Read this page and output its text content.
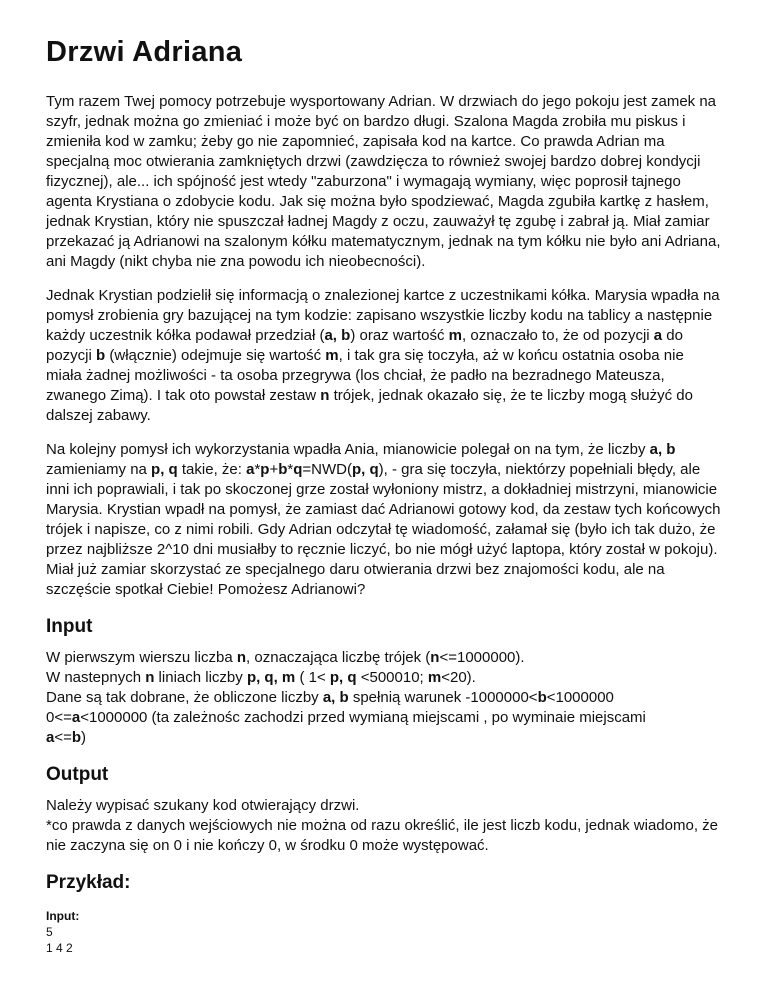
Drzwi Adriana

Tym razem Twej pomocy potrzebuje wysportowany Adrian. W drzwiach do jego pokoju jest zamek na szyfr, jednak można go zmieniać i może być on bardzo długi. Szalona Magda zrobiła mu piskus i zmieniła kod w zamku; żeby go nie zapomnieć, zapisała kod na kartce. Co prawda Adrian ma specjalną moc otwierania zamkniętych drzwi (zawdzięcza to również swojej bardzo dobrej kondycji fizycznej), ale... ich spójność jest wtedy "zaburzona" i wymagają wymiany, więc poprosił tajnego agenta Krystiana o zdobycie kodu. Jak się można było spodziewać, Magda zgubiła kartkę z hasłem, jednak Krystian, który nie spuszczał ładnej Magdy z oczu, zauważył tę zgubę i zabrał ją. Miał zamiar przekazać ją Adrianowi na szalonym kółku matematycznym, jednak na tym kółku nie było ani Adriana, ani Magdy (nikt chyba nie zna powodu ich nieobecności).

Jednak Krystian podzielił się informacją o znalezionej kartce z uczestnikami kółka. Marysia wpadła na pomysł zrobienia gry bazującej na tym kodzie: zapisano wszystkie liczby kodu na tablicy a następnie każdy uczestnik kółka podawał przedział (a, b) oraz wartość m, oznaczało to, że od pozycji a do pozycji b (włącznie) odejmuje się wartość m, i tak gra się toczyła, aż w końcu ostatnia osoba nie miała żadnej możliwości - ta osoba przegrywa (los chciał, że padło na bezradnego Mateusza, zwanego Zimą). I tak oto powstał zestaw n trójek, jednak okazało się, że te liczby mogą służyć do dalszej zabawy.

Na kolejny pomysł ich wykorzystania wpadła Ania, mianowicie polegał on na tym, że liczby a, b zamieniamy na p, q takie, że: a*p+b*q=NWD(p, q), - gra się toczyła, niektórzy popełniali błędy, ale inni ich poprawiali, i tak po skoczonej grze został wyłoniony mistrz, a dokładniej mistrzyni, mianowicie Marysia. Krystian wpadł na pomysł, że zamiast dać Adrianowi gotowy kod, da zestaw tych końcowych trójek i napisze, co z nimi robili. Gdy Adrian odczytał tę wiadomość, załamał się (było ich tak dużo, że przez najbliższe 2^10 dni musiałby to ręcznie liczyć, bo nie mógł użyć laptopa, który został w pokoju). Miał już zamiar skorzystać ze specjalnego daru otwierania drzwi bez znajomości kodu, ale na szczęście spotkał Ciebie! Pomożesz Adrianowi?

Input

W pierwszym wierszu liczba n, oznaczająca liczbę trójek (n<=1000000).
W nastepnych n liniach liczby p, q, m ( 1< p, q <500010; m<20).
Dane są tak dobrane, że obliczone liczby a, b spełnią warunek -1000000<b<1000000
0<=a<1000000 (ta zależnośc zachodzi przed wymianą miejscami , po wyminaie miejscami
a<=b)

Output

Należy wypisać szukany kod otwierający drzwi.
*co prawda z danych wejściowych nie można od razu określić, ile jest liczb kodu, jednak wiadomo, że nie zaczyna się on 0 i nie kończy 0, w środku 0 może występować.

Przykład:

Input:

5

1 4 2
